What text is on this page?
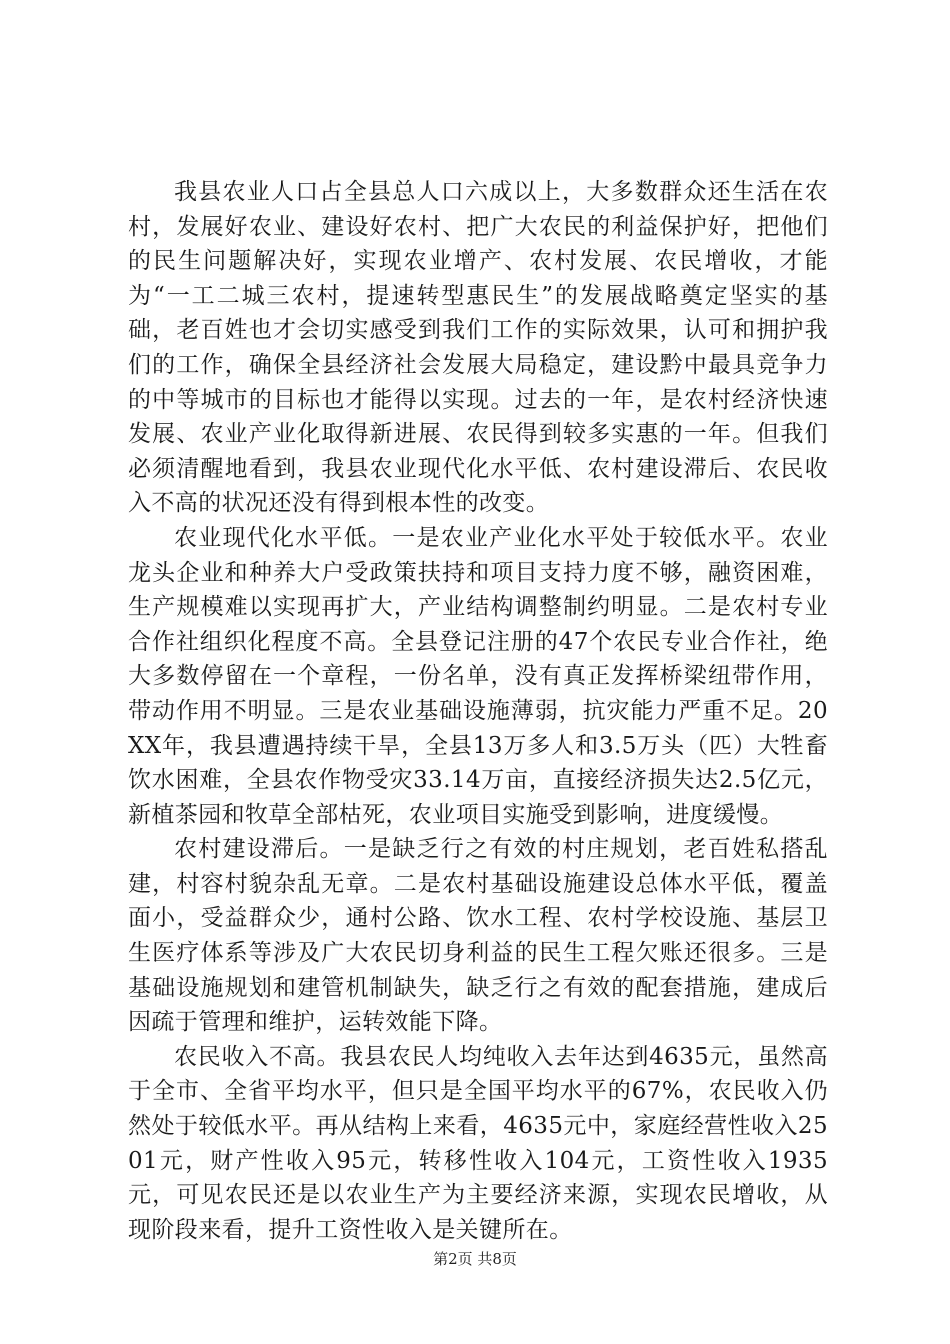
我县农业人口占全县总人口六成以上，大多数群众还生活在农村，发展好农业、建设好农村、把广大农民的利益保护好，把他们的民生问题解决好，实现农业增产、农村发展、农民增收，才能为“一工二城三农村，提速转型惠民生”的发展战略奠定坚实的基础，老百姓也才会切实感受到我们工作的实际效果，认可和拥护我们的工作，确保全县经济社会发展大局稳定，建设黔中最具竞争力的中等城市的目标也才能得以实现。过去的一年，是农村经济快速发展、农业产业化取得新进展、农民得到较多实惠的一年。但我们必须清醒地看到，我县农业现代化水平低、农村建设滞后、农民收入不高的状况还没有得到根本性的改变。

农业现代化水平低。一是农业产业化水平处于较低水平。农业龙头企业和种养大户受政策扶持和项目支持力度不够，融资困难，生产规模难以实现再扩大，产业结构调整制约明显。二是农村专业合作社组织化程度不高。全县登记注册的47个农民专业合作社，绝大多数停留在一个章程，一份名单，没有真正发挥桥梁纽带作用，带动作用不明显。三是农业基础设施薄弱，抗灾能力严重不足。20XX年，我县遭遇持续干旱，全县13万多人和3.5万头（匹）大牲畜饮水困难，全县农作物受灾33.14万亩，直接经济损失达2.5亿元，新植茶园和牧草全部枯死，农业项目实施受到影响，进度缓慢。

农村建设滞后。一是缺乏行之有效的村庄规划，老百姓私搭乱建，村容村貌杂乱无章。二是农村基础设施建设总体水平低，覆盖面小，受益群众少，通村公路、饮水工程、农村学校设施、基层卫生医疗体系等涉及广大农民切身利益的民生工程欠账还很多。三是基础设施规划和建管机制缺失，缺乏行之有效的配套措施，建成后因疏于管理和维护，运转效能下降。

农民收入不高。我县农民人均纯收入去年达到4635元，虽然高于全市、全省平均水平，但只是全国平均水平的67%，农民收入仍然处于较低水平。再从结构上来看，4635元中，家庭经营性收入2501元，财产性收入95元，转移性收入104元，工资性收入1935元，可见农民还是以农业生产为主要经济来源，实现农民增收，从现阶段来看，提升工资性收入是关键所在。

第2页 共8页
